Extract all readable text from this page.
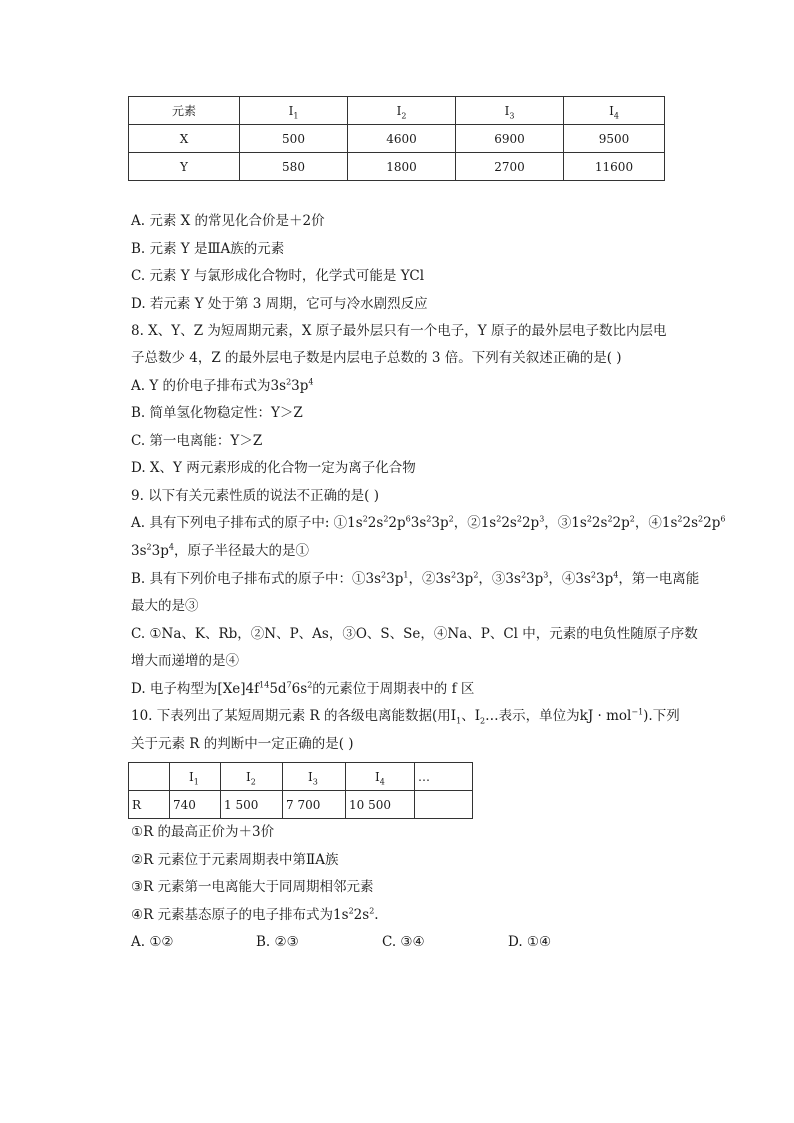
元素	$I_1$	$I_2$	$I_3$	$I_4$
X	500	4600	6900	9500
Y	580	1800	2700	11600
A. 元素 X 的常见化合价是＋2价
B. 元素 Y 是ⅢA族的元素
C. 元素 Y 与氯形成化合物时，化学式可能是 YCl
D. 若元素 Y 处于第 3 周期，它可与冷水剧烈反应
8. X、Y、Z 为短周期元素，X 原子最外层只有一个电子，Y 原子的最外层电子数比内层电
子总数少 4，Z 的最外层电子数是内层电子总数的 3 倍。下列有关叙述正确的是( )
A. Y 的价电子排布式为$3s^23p^4$
B. 简单氢化物稳定性：Y＞Z
C. 第一电离能：Y＞Z
D. X、Y 两元素形成的化合物一定为离子化合物
9. 以下有关元素性质的说法不正确的是( )
A. 具有下列电子排布式的原子中: $①1s^22s^22p^63s^23p^2$，$②1s^22s^22p^3$，$③1s^22s^22p^2$，$④1s^22s^22p^6$
$3s^23p^4$，原子半径最大的是①
B. 具有下列价电子排布式的原子中：$①3s^23p^1$，$②3s^23p^2$，$③3s^23p^3$，$④3s^23p^4$，第一电离能
最大的是③
C. ①Na、K、Rb，②N、P、As，③O、S、Se，④Na、P、Cl 中，元素的电负性随原子序数
增大而递增的是④
D. 电子构型为$[Xe]4f^{14}5d^76s^2$的元素位于周期表中的 f 区
10. 下表列出了某短周期元素 R 的各级电离能数据(用$I_1$、$I_2\dots$表示，单位为kJ · mol$^{-1}$).下列
关于元素 R 的判断中一定正确的是( )
	$I_1$	$I_2$	$I_3$	$I_4$	…
R	740	1 500	7 700	10 500	
①R 的最高正价为＋3价
②R 元素位于元素周期表中第ⅡA族
③R 元素第一电离能大于同周期相邻元素
④R 元素基态原子的电子排布式为$1s^22s^2$.
A. ①②	B. ②③	C. ③④	D. ①④
